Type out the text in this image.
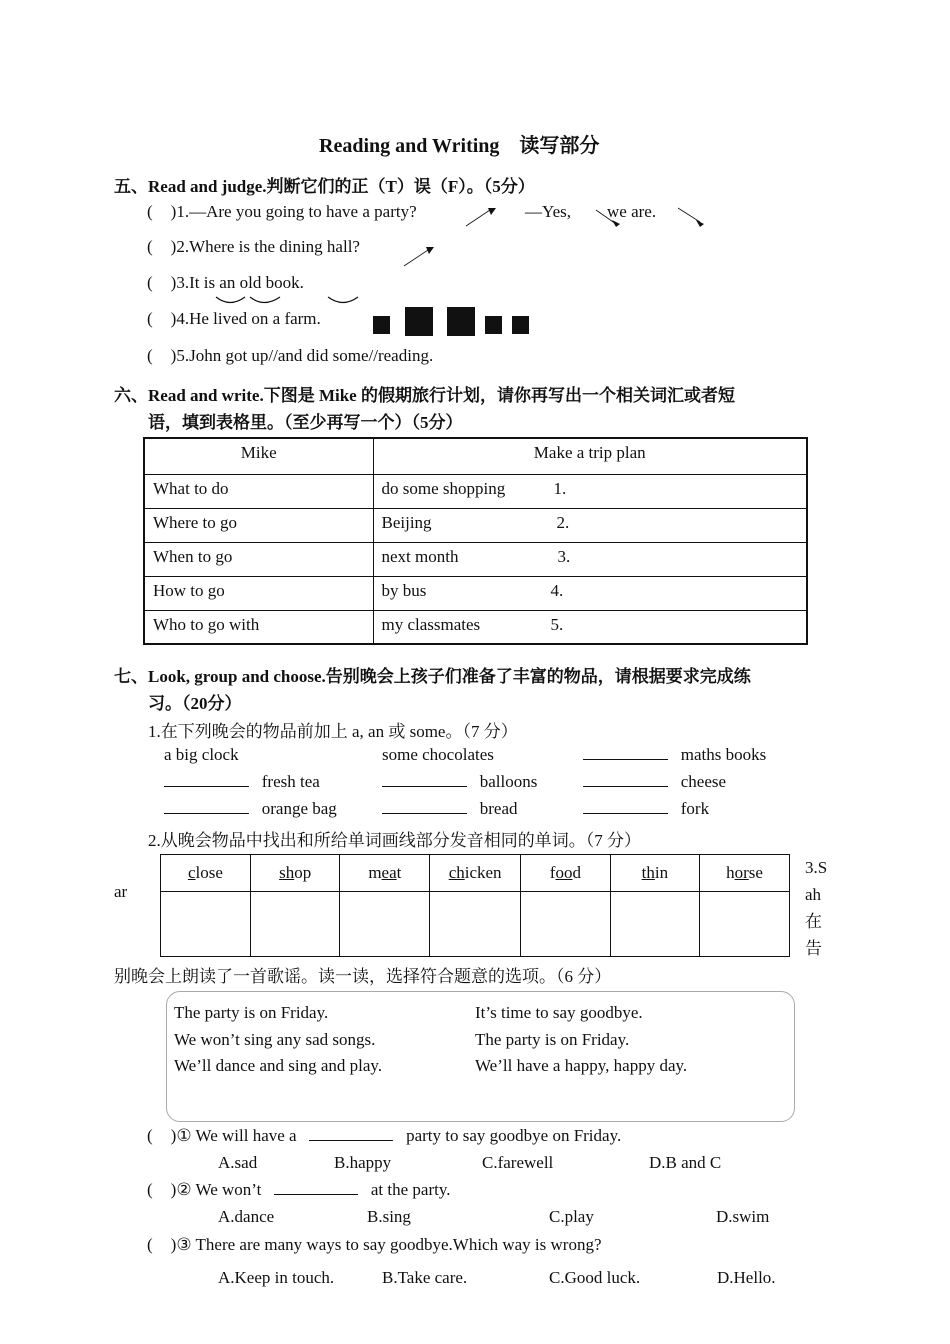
Reading and Writing　读写部分
五、Read and judge.判断它们的正（T）误（F）。（5分）
( )1.—Are you going to have a party?	—Yes, we are.
( )2.Where is the dining hall?
( )3.It is an old book.
( )4.He lived on a farm.
( )5.John got up//and did some//reading.
六、Read and write.下图是 Mike 的假期旅行计划，请你再写出一个相关词汇或者短
语，填到表格里。（至少再写一个）（5分）
Mike	Make a trip plan
What to do	do some shopping 1.
Where to go	Beijing 2.
When to go	next month 3.
How to go	by bus 4.
Who to go with	my classmates 5.
七、Look, group and choose.告别晚会上孩子们准备了丰富的物品，请根据要求完成练
习。（20分）
1.在下列晚会的物品前加上 a, an 或 some。（7 分）
a big clock	some chocolates	maths books
fresh tea	balloons	cheese
orange bag	bread	fork
2.从晚会物品中找出和所给单词画线部分发音相同的单词。（7 分）
ar
close	shop	meat	chicken	food	thin	horse
						3.S
ah
在
告
别晚会上朗读了一首歌谣。读一读，选择符合题意的选项。（6 分）
The party is on Friday.
We won’t sing any sad songs.
We’ll dance and sing and play.
It’s time to say goodbye.
The party is on Friday.
We’ll have a happy, happy day.
( )① We will have a	party to say goodbye on Friday.
A.sad	B.happy	C.farewell	D.B and C
( )② We won’t	at the party.
A.dance	B.sing	C.play	D.swim
( )③ There are many ways to say goodbye.Which way is wrong?
A.Keep in touch.	B.Take care.	C.Good luck.	D.Hello.
